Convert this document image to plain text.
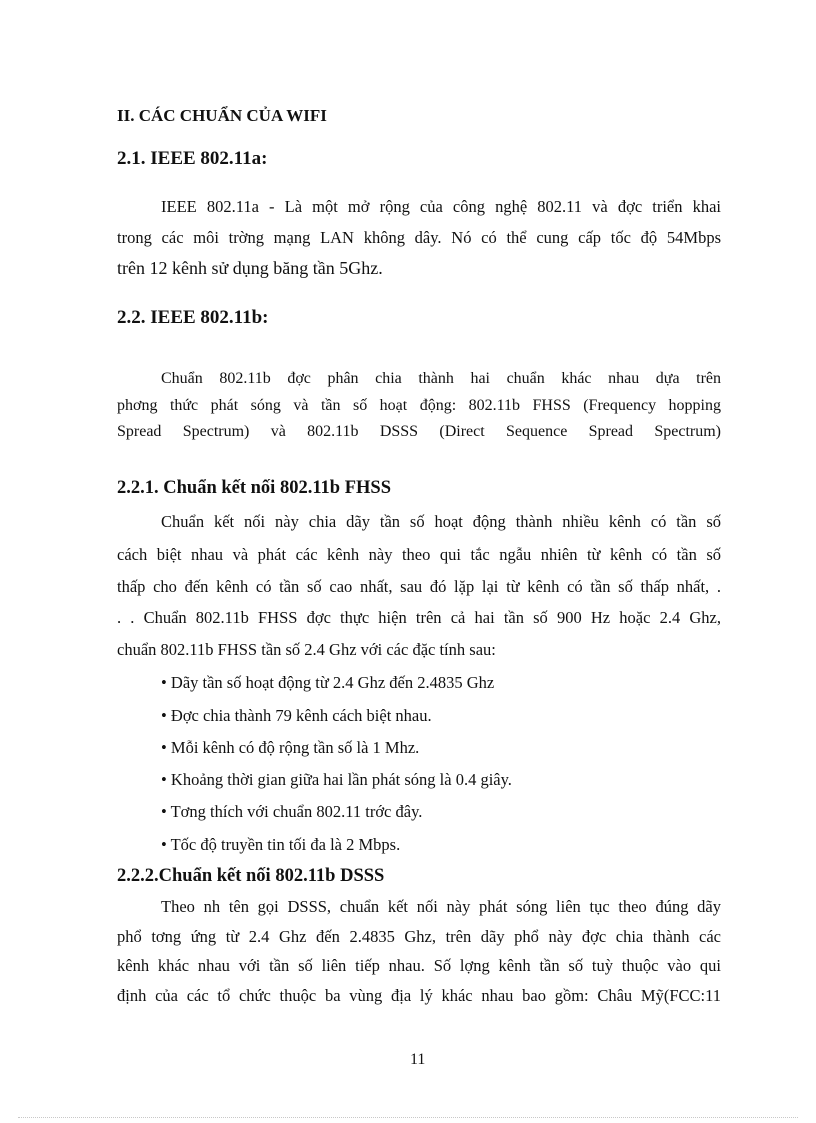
II. CÁC CHUẨN CỦA WIFI
2.1. IEEE 802.11a:
IEEE 802.11a - Là một mở rộng của công nghệ 802.11 và đợc triển khai
trong các môi trờng mạng LAN không dây. Nó có thể cung cấp tốc độ 54Mbps
trên 12 kênh sử dụng băng tần 5Ghz.
2.2. IEEE 802.11b:
Chuẩn 802.11b đợc phân chia thành hai chuẩn khác nhau dựa trên
phơng thức phát sóng và tần số hoạt động: 802.11b FHSS (Frequency hopping
Spread Spectrum) và 802.11b DSSS (Direct Sequence Spread Spectrum)
2.2.1. Chuẩn kết nối 802.11b FHSS
Chuẩn kết nối này chia dãy tần số hoạt động thành nhiều kênh có tần số
cách biệt nhau và phát các kênh này theo qui tắc ngẫu nhiên từ kênh có tần số
thấp cho đến kênh có tần số cao nhất, sau đó lặp lại từ kênh có tần số thấp nhất, .
. . Chuẩn 802.11b FHSS đợc thực hiện trên cả hai tần số 900 Hz hoặc 2.4 Ghz,
chuẩn 802.11b FHSS tần số 2.4 Ghz với các đặc tính sau:
• Dãy tần số hoạt động từ 2.4 Ghz đến 2.4835 Ghz
• Đợc chia thành 79 kênh cách biệt nhau.
• Mỗi kênh có độ rộng tần số là 1 Mhz.
• Khoảng thời gian giữa hai lần phát sóng là 0.4 giây.
• Tơng thích với chuẩn 802.11 trớc đây.
• Tốc độ truyền tin tối đa là 2 Mbps.
2.2.2.Chuẩn kết nối 802.11b DSSS
Theo nh tên gọi DSSS, chuẩn kết nối này phát sóng liên tục theo đúng dãy
phổ tơng ứng từ 2.4 Ghz đến 2.4835 Ghz, trên dãy phổ này đợc chia thành các
kênh khác nhau với tần số liên tiếp nhau. Số lợng kênh tần số tuỳ thuộc vào qui
định của các tổ chức thuộc ba vùng địa lý khác nhau bao gồm: Châu Mỹ(FCC:11
11
